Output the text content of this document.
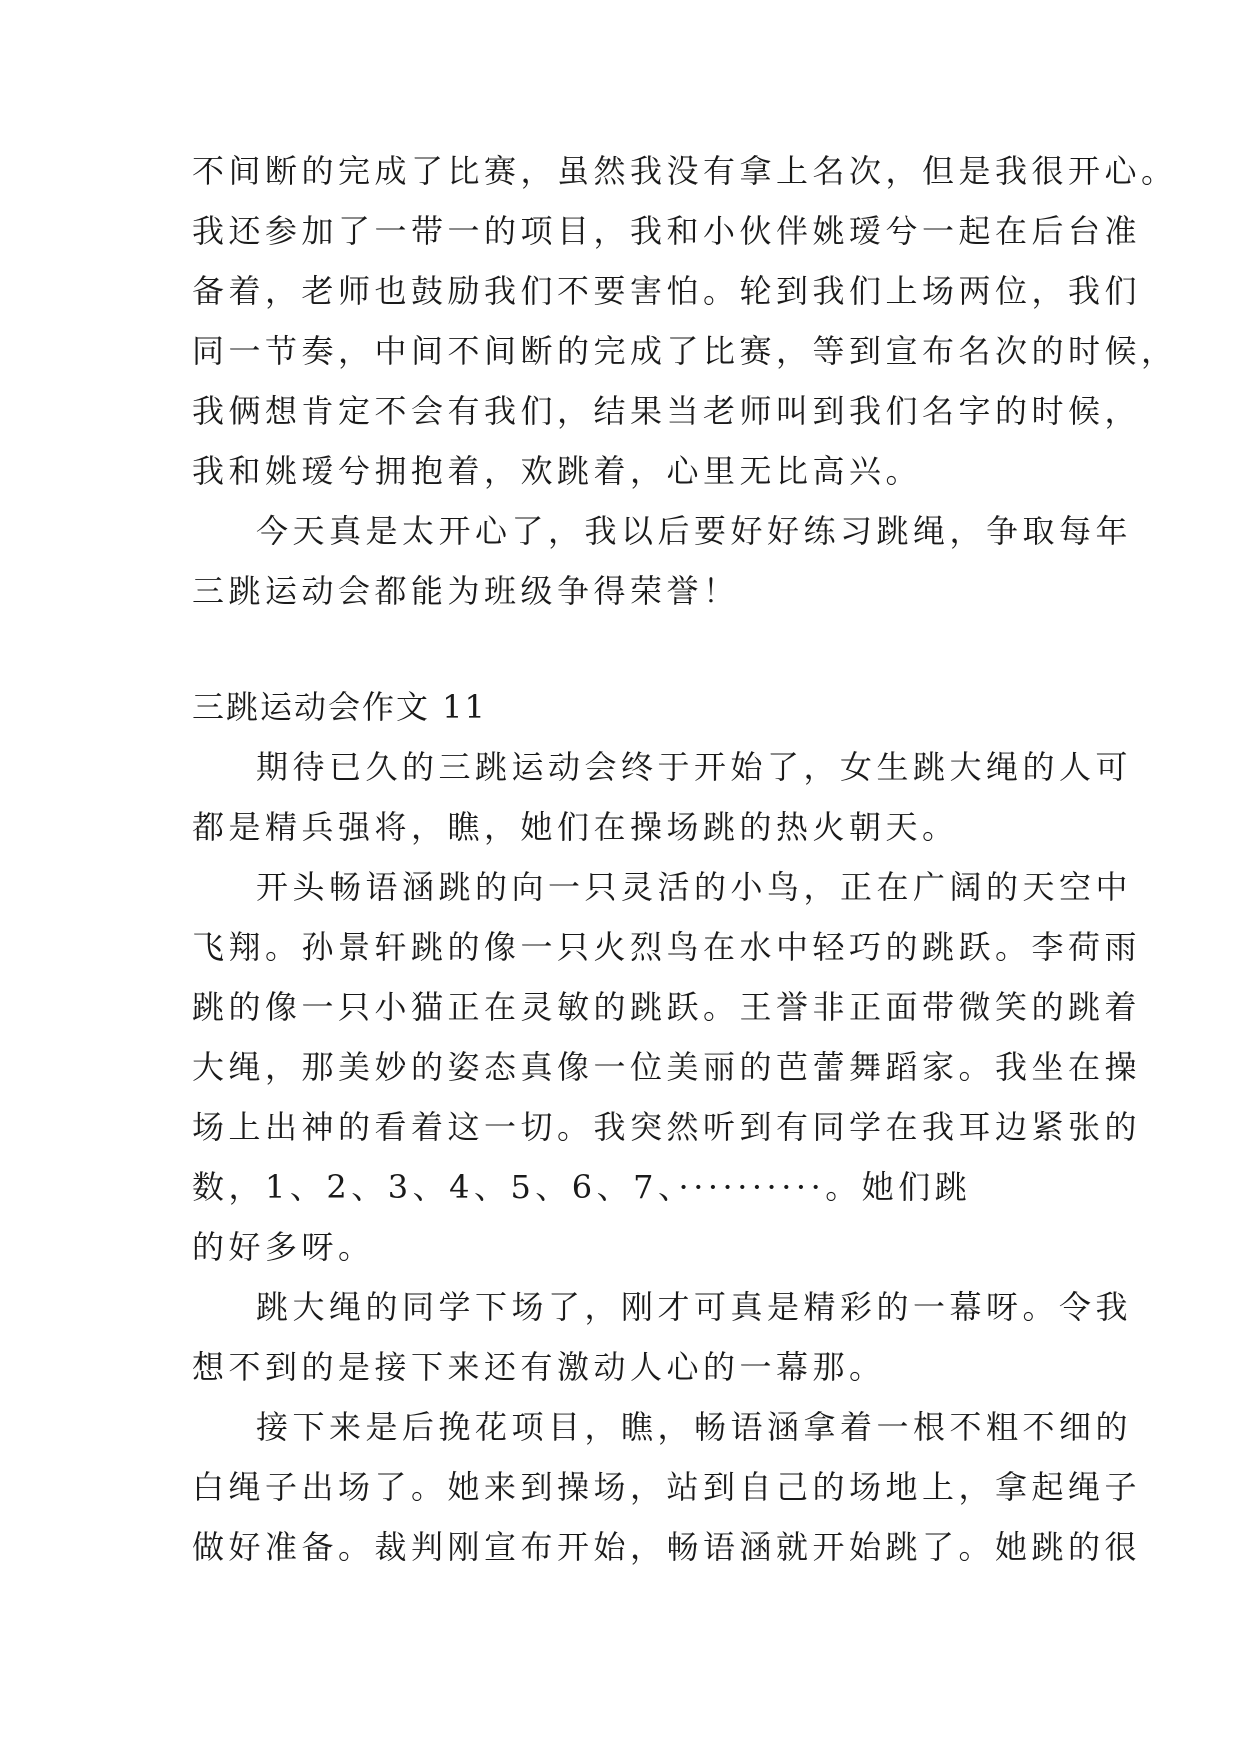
不间断的完成了比赛，虽然我没有拿上名次，但是我很开心。
我还参加了一带一的项目，我和小伙伴姚瑷兮一起在后台准
备着，老师也鼓励我们不要害怕。轮到我们上场两位，我们
同一节奏，中间不间断的完成了比赛，等到宣布名次的时候，
我俩想肯定不会有我们，结果当老师叫到我们名字的时候，
我和姚瑷兮拥抱着，欢跳着，心里无比高兴。
今天真是太开心了，我以后要好好练习跳绳，争取每年
三跳运动会都能为班级争得荣誉！
三跳运动会作文 11
期待已久的三跳运动会终于开始了，女生跳大绳的人可
都是精兵强将，瞧，她们在操场跳的热火朝天。
开头畅语涵跳的向一只灵活的小鸟，正在广阔的天空中
飞翔。孙景轩跳的像一只火烈鸟在水中轻巧的跳跃。李荷雨
跳的像一只小猫正在灵敏的跳跃。王誉非正面带微笑的跳着
大绳，那美妙的姿态真像一位美丽的芭蕾舞蹈家。我坐在操
场上出神的看着这一切。我突然听到有同学在我耳边紧张的
数，1、2、3、4、5、6、7、··········。她们跳
的好多呀。
跳大绳的同学下场了，刚才可真是精彩的一幕呀。令我
想不到的是接下来还有激动人心的一幕那。
接下来是后挽花项目，瞧，畅语涵拿着一根不粗不细的
白绳子出场了。她来到操场，站到自己的场地上，拿起绳子
做好准备。裁判刚宣布开始，畅语涵就开始跳了。她跳的很
